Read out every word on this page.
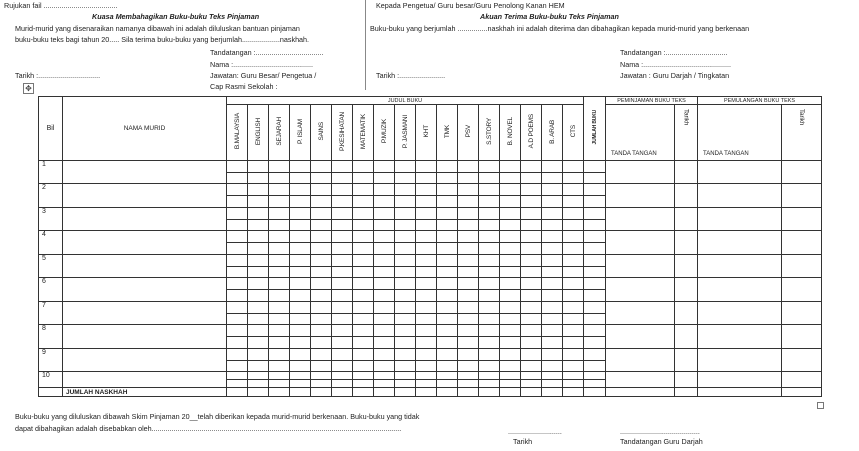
Rujukan fail .....................................
Kuasa Membahagikan Buku-buku Teks Pinjaman
Murid-murid yang disenaraikan namanya dibawah ini adalah diluluskan bantuan pinjaman
buku-buku teks bagi tahun 20..... Sila terima buku-buku yang berjumlah...................naskhah.
Tandatangan :..................................
Nama :........................................
Tarikh :...............................	Jawatan: Guru Besar/ Pengetua /
Cap Rasmi Sekolah :
Kepada Pengetua/ Guru besar/Guru Penolong Kanan HEM
Akuan Terima Buku-buku Teks Pinjaman
Buku-buku yang berjumlah ...............naskhah ini adalah diterima dan dibahagikan kepada murid-murid yang berkenaan
Tandatangan :...............................
Nama :............................................
Tarikh :.......................	Jawatan : Guru Darjah / Tingkatan
✥
Bil	NAMA MURID	JUDUL BUKU																	JUMLAH BUKU	PEMINJAMAN BUKU TEKS		PEMULANGAN BUKU TEKS	
		B.MALAYSIA	ENGLISH	SEJARAH	P. ISLAM	SAINS	P.KESIHATAN	MATEMATIK	P.MUZIK	P. JASMANI	KHT	TMK	PSV	S.STORY	B. NOVEL	A.D POEMS	B. ARAB	CTS		TANDA TANGAN	Tarikh	TANDA TANGAN	Tarikh
1																							
2																							
3																							
4																							
5																							
6																							
7																							
8																							
9																							
10																							
	JUMLAH NASKHAH																						
Buku-buku yang diluluskan dibawah Skim Pinjaman 20__telah diberikan kepada murid-murid berkenaan. Buku-buku yang tidak
dapat dibahagikan adalah disebabkan oleh.............................................................................................................................	...........................
Tarikh
........................................
Tandatangan Guru Darjah
